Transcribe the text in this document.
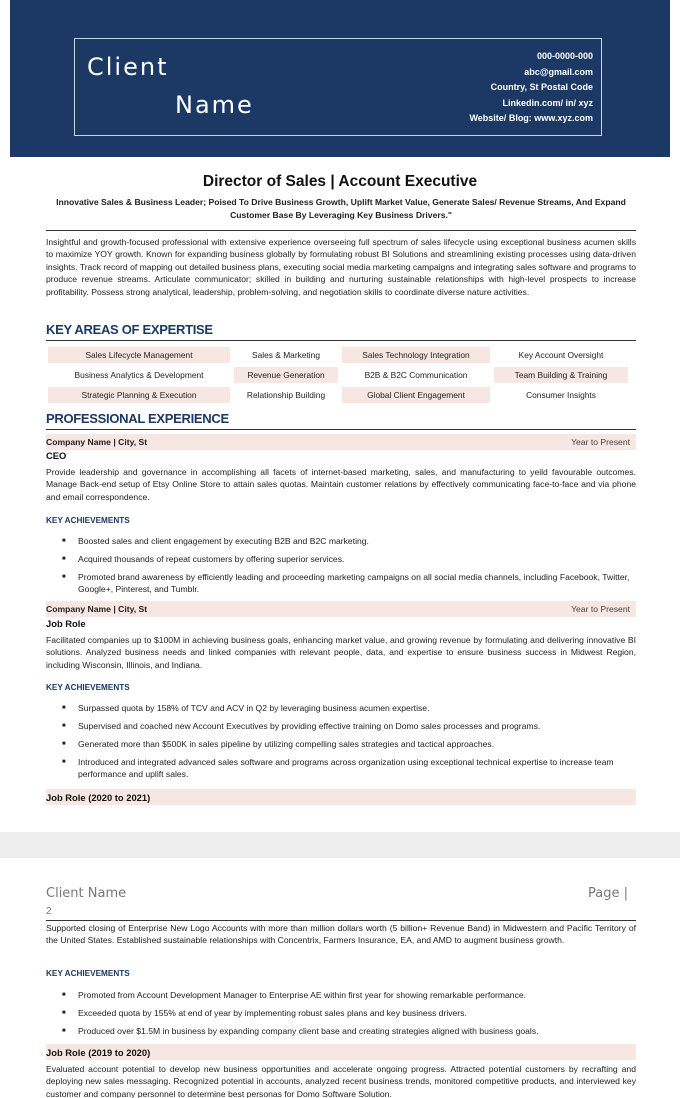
Client
Name
000-0000-000
abc@gmail.com
Country, St Postal Code
Linkedin.com/ in/ xyz
Website/ Blog: www.xyz.com
Director of Sales | Account Executive
Innovative Sales & Business Leader; Poised To Drive Business Growth, Uplift Market Value, Generate Sales/ Revenue Streams, And Expand Customer Base By Leveraging Key Business Drivers."
Insightful and growth-focused professional with extensive experience overseeing full spectrum of sales lifecycle using exceptional business acumen skills to maximize YOY growth. Known for expanding business globally by formulating robust BI Solutions and streamlining existing processes using data-driven insights. Track record of mapping out detailed business plans, executing social media marketing campaigns and integrating sales software and programs to produce revenue streams. Articulate communicator; skilled in building and nurturing sustainable relationships with high-level prospects to increase profitability. Possess strong analytical, leadership, problem-solving, and negotiation skills to coordinate diverse nature activities.
KEY AREAS OF EXPERTISE
Sales Lifecycle Management	Sales & Marketing	Sales Technology Integration	Key Account Oversight
Business Analytics & Development	Revenue Generation	B2B & B2C Communication	Team Building & Training
Strategic Planning & Execution	Relationship Building	Global Client Engagement	Consumer Insights
PROFESSIONAL EXPERIENCE
Company Name | City, St	Year to Present
CEO
Provide leadership and governance in accomplishing all facets of internet-based marketing, sales, and manufacturing to yeild favourable outcomes. Manage Back-end setup of Etsy Online Store to attain sales quotas. Maintain customer relations by effectively communicating face-to-face and via phone and email correspondence.
KEY ACHIEVEMENTS
■ Boosted sales and client engagement by executing B2B and B2C marketing.
■ Acquired thousands of repeat customers by offering superior services.
■ Promoted brand awareness by efficiently leading and proceeding marketing campaigns on all social media channels, including Facebook, Twitter, Google+, Pinterest, and Tumblr.
Company Name | City, St	Year to Present
Job Role
Facilitated companies up to $100M in achieving business goals, enhancing market value, and growing revenue by formulating and delivering innovative BI solutions. Analyzed business needs and linked companies with relevant people, data, and expertise to ensure business success in Midwest Region, including Wisconsin, Illinois, and Indiana.
KEY ACHIEVEMENTS
■ Surpassed quota by 158% of TCV and ACV in Q2 by leveraging business acumen expertise.
■ Supervised and coached new Account Executives by providing effective training on Domo sales processes and programs.
■ Generated more than $500K in sales pipeline by utilizing compelling sales strategies and tactical approaches.
■ Introduced and integrated advanced sales software and programs across organization using exceptional technical expertise to increase team performance and uplift sales.
Job Role (2020 to 2021)
Client Name	Page |
2
Supported closing of Enterprise New Logo Accounts with more than million dollars worth (5 billion+ Revenue Band) in Midwestern and Pacific Territory of the United States. Established sustainable relationships with Concentrix, Farmers Insurance, EA, and AMD to augment business growth.
KEY ACHIEVEMENTS
■ Promoted from Account Development Manager to Enterprise AE within first year for showing remarkable performance.
■ Exceeded quota by 155% at end of year by implementing robust sales plans and key business drivers.
■ Produced over $1.5M in business by expanding company client base and creating strategies aligned with business goals.
Job Role (2019 to 2020)
Evaluated account potential to develop new business opportunities and accelerate ongoing progress. Attracted potential customers by recrafting and deploying new sales messaging. Recognized potential in accounts, analyzed recent business trends, monitored competitive products, and interviewed key customer and company personnel to determine best personas for Domo Software Solution.
